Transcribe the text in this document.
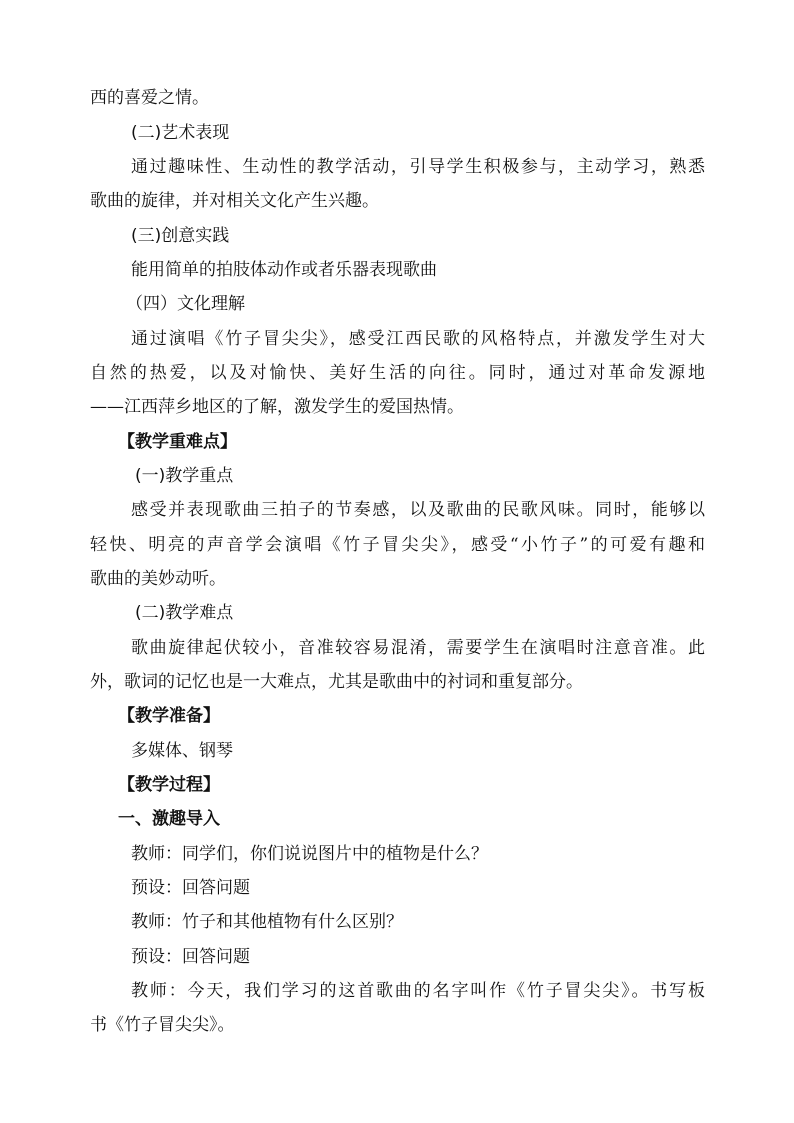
西的喜爱之情。
(二)艺术表现
通过趣味性、生动性的教学活动，引导学生积极参与，主动学习，熟悉
歌曲的旋律，并对相关文化产生兴趣。
(三)创意实践
能用简单的拍肢体动作或者乐器表现歌曲
（四）文化理解
通过演唱《竹子冒尖尖》，感受江西民歌的风格特点，并激发学生对大
自然的热爱，以及对愉快、美好生活的向往。同时，通过对革命发源地
——江西萍乡地区的了解，激发学生的爱国热情。
【教学重难点】
(一)教学重点
感受并表现歌曲三拍子的节奏感，以及歌曲的民歌风味。同时，能够以
轻快、明亮的声音学会演唱《竹子冒尖尖》，感受“小竹子”的可爱有趣和
歌曲的美妙动听。
(二)教学难点
歌曲旋律起伏较小，音准较容易混淆，需要学生在演唱时注意音准。此
外，歌词的记忆也是一大难点，尤其是歌曲中的衬词和重复部分。
【教学准备】
多媒体、钢琴
【教学过程】
一、激趣导入
教师：同学们，你们说说图片中的植物是什么？
预设：回答问题
教师：竹子和其他植物有什么区别？
预设：回答问题
教师：今天，我们学习的这首歌曲的名字叫作《竹子冒尖尖》。书写板
书《竹子冒尖尖》。
